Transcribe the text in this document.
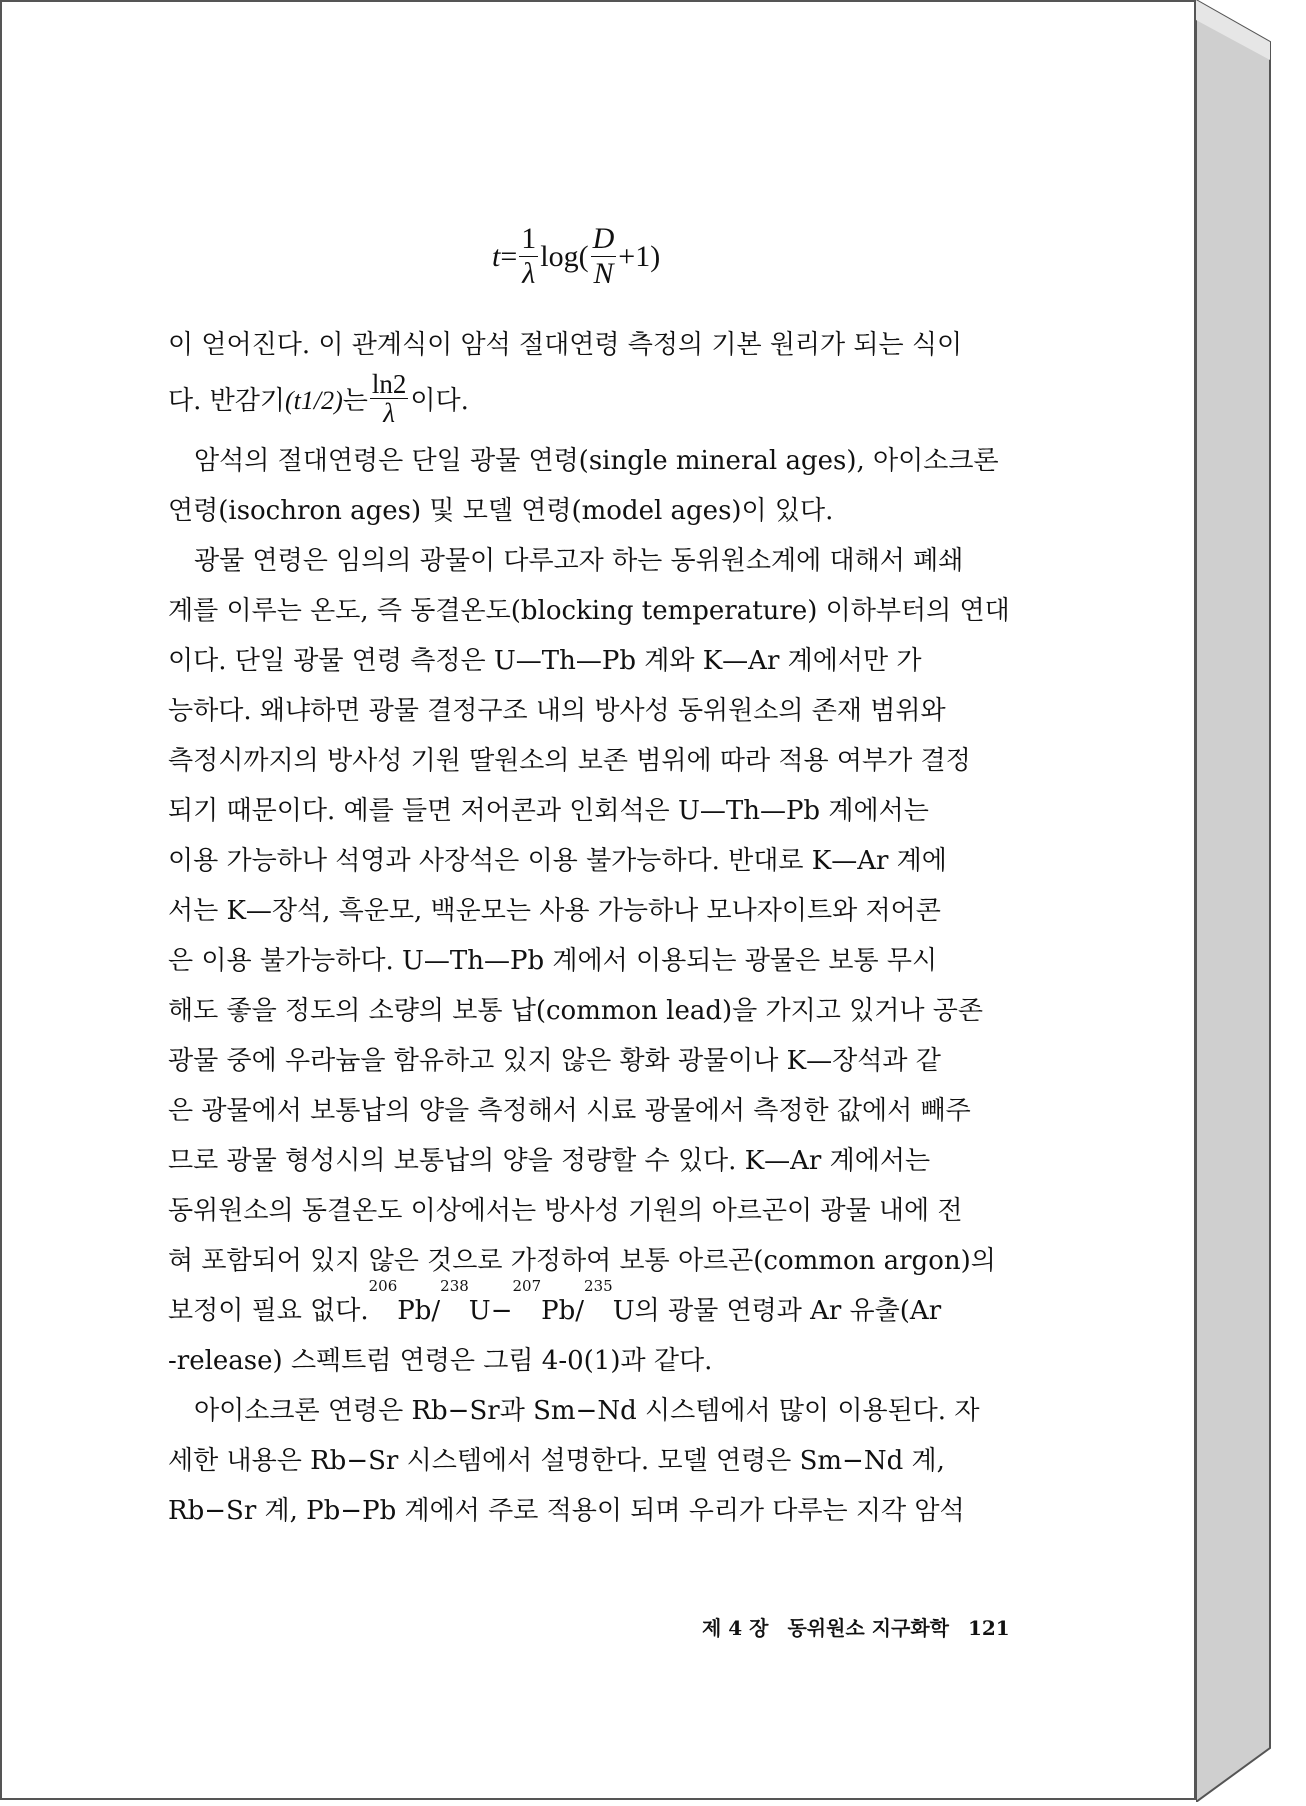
$t = \frac{1}{\lambda}$ log ( $\frac{D}{N} +1$)
이 얻어진다. 이 관계식이 암석 절대연령 측정의 기본 원리가 되는 식이
다. 반감기 (t1/2) 는 $\frac{\ln 2}{\lambda}$ 이다.
암석의 절대연령은 단일 광물 연령(single mineral ages), 아이소크론
연령(isochron ages) 및 모델 연령(model ages)이 있다.
광물 연령은 임의의 광물이 다루고자 하는 동위원소계에 대해서 폐쇄
계를 이루는 온도, 즉 동결온도(blocking temperature) 이하부터의 연대
이다. 단일 광물 연령 측정은 U—Th—Pb 계와 K—Ar 계에서만 가
능하다. 왜냐하면 광물 결정구조 내의 방사성 동위원소의 존재 범위와
측정시까지의 방사성 기원 딸원소의 보존 범위에 따라 적용 여부가 결정
되기 때문이다. 예를 들면 저어콘과 인회석은 U—Th—Pb 계에서는
이용 가능하나 석영과 사장석은 이용 불가능하다. 반대로 K—Ar 계에
서는 K—장석, 흑운모, 백운모는 사용 가능하나 모나자이트와 저어콘
은 이용 불가능하다. U—Th—Pb 계에서 이용되는 광물은 보통 무시
해도 좋을 정도의 소량의 보통 납(common lead)을 가지고 있거나 공존
광물 중에 우라늄을 함유하고 있지 않은 황화 광물이나 K—장석과 같
은 광물에서 보통납의 양을 측정해서 시료 광물에서 측정한 값에서 빼주
므로 광물 형성시의 보통납의 양을 정량할 수 있다. K—Ar 계에서는
동위원소의 동결온도 이상에서는 방사성 기원의 아르곤이 광물 내에 전
혀 포함되어 있지 않은 것으로 가정하여 보통 아르곤(common argon)의
보정이 필요 없다.
206
Pb/
238
U−
207
Pb/
235
U의 광물 연령과 Ar 유출(Ar
-release) 스펙트럼 연령은 그림 4-0(1)과 같다.
아이소크론 연령은 Rb−Sr과 Sm−Nd 시스템에서 많이 이용된다. 자
세한 내용은 Rb−Sr 시스템에서 설명한다. 모델 연령은 Sm−Nd 계,
Rb−Sr 계, Pb−Pb 계에서 주로 적용이 되며 우리가 다루는 지각 암석
제 4 장 동위원소 지구화학 121
